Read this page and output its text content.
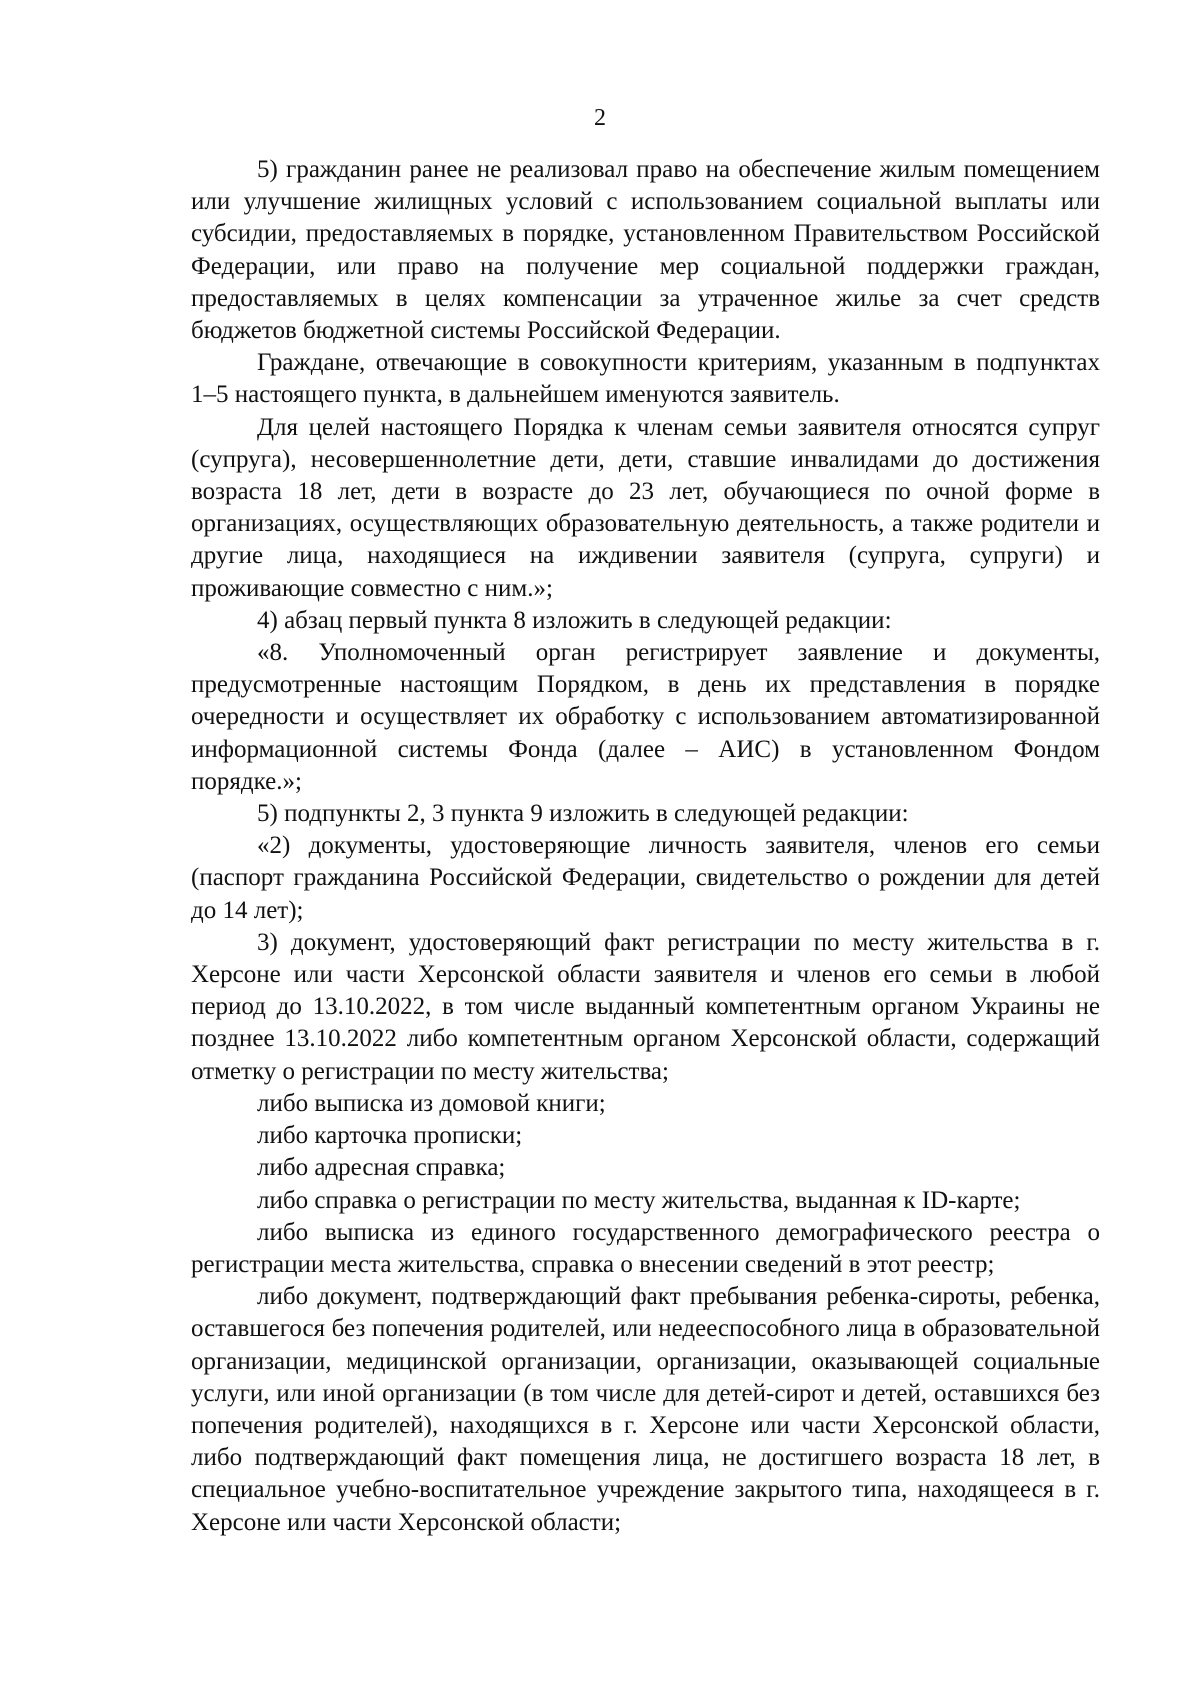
2

5) гражданин ранее не реализовал право на обеспечение жилым помещением или улучшение жилищных условий с использованием социальной выплаты или субсидии, предоставляемых в порядке, установленном Правительством Российской Федерации, или право на получение мер социальной поддержки граждан, предоставляемых в целях компенсации за утраченное жилье за счет средств бюджетов бюджетной системы Российской Федерации.

Граждане, отвечающие в совокупности критериям, указанным в подпунктах 1–5 настоящего пункта, в дальнейшем именуются заявитель.

Для целей настоящего Порядка к членам семьи заявителя относятся супруг (супруга), несовершеннолетние дети, дети, ставшие инвалидами до достижения возраста 18 лет, дети в возрасте до 23 лет, обучающиеся по очной форме в организациях, осуществляющих образовательную деятельность, а также родители и другие лица, находящиеся на иждивении заявителя (супруга, супруги) и проживающие совместно с ним.»;

4) абзац первый пункта 8 изложить в следующей редакции:

«8. Уполномоченный орган регистрирует заявление и документы, предусмотренные настоящим Порядком, в день их представления в порядке очередности и осуществляет их обработку с использованием автоматизированной информационной системы Фонда (далее – АИС) в установленном Фондом порядке.»;

5) подпункты 2, 3 пункта 9 изложить в следующей редакции:

«2) документы, удостоверяющие личность заявителя, членов его семьи (паспорт гражданина Российской Федерации, свидетельство о рождении для детей до 14 лет);

3) документ, удостоверяющий факт регистрации по месту жительства в г. Херсоне или части Херсонской области заявителя и членов его семьи в любой период до 13.10.2022, в том числе выданный компетентным органом Украины не позднее 13.10.2022 либо компетентным органом Херсонской области, содержащий отметку о регистрации по месту жительства;

либо выписка из домовой книги;

либо карточка прописки;

либо адресная справка;

либо справка о регистрации по месту жительства, выданная к ID-карте;

либо выписка из единого государственного демографического реестра о регистрации места жительства, справка о внесении сведений в этот реестр;

либо документ, подтверждающий факт пребывания ребенка-сироты, ребенка, оставшегося без попечения родителей, или недееспособного лица в образовательной организации, медицинской организации, организации, оказывающей социальные услуги, или иной организации (в том числе для детей-сирот и детей, оставшихся без попечения родителей), находящихся в г. Херсоне или части Херсонской области, либо подтверждающий факт помещения лица, не достигшего возраста 18 лет, в специальное учебно-воспитательное учреждение закрытого типа, находящееся в г. Херсоне или части Херсонской области;
